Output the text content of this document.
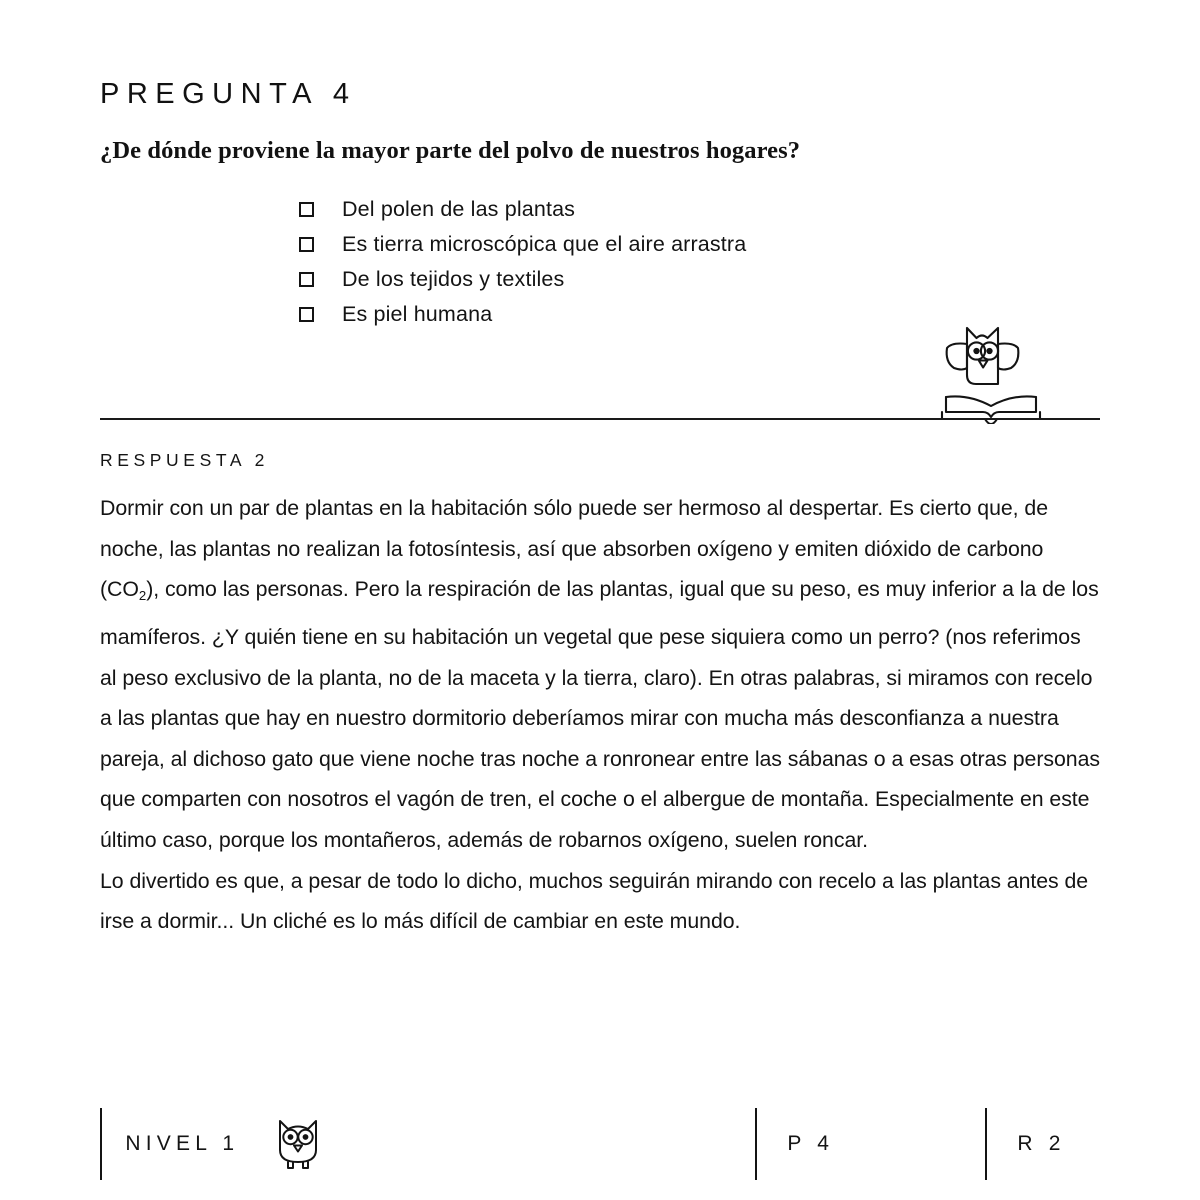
PREGUNTA 4
¿De dónde proviene la mayor parte del polvo de nuestros hogares?
Del polen de las plantas
Es tierra microscópica que el aire arrastra
De los tejidos y textiles
Es piel humana
RESPUESTA 2

Dormir con un par de plantas en la habitación sólo puede ser hermoso al despertar. Es cierto que, de noche, las plantas no realizan la fotosíntesis, así que absorben oxígeno y emiten dióxido de carbono $(CO_2)$, como las personas. Pero la respiración de las plantas, igual que su peso, es muy inferior a la de los mamíferos. ¿Y quién tiene en su habitación un vegetal que pese siquiera como un perro? (nos referimos al peso exclusivo de la planta, no de la maceta y la tierra, claro). En otras palabras, si miramos con recelo a las plantas que hay en nuestro dormitorio deberíamos mirar con mucha más desconfianza a nuestra pareja, al dichoso gato que viene noche tras noche a ronronear entre las sábanas o a esas otras personas que comparten con nosotros el vagón de tren, el coche o el albergue de montaña. Especialmente en este último caso, porque los montañeros, además de robarnos oxígeno, suelen roncar.

Lo divertido es que, a pesar de todo lo dicho, muchos seguirán mirando con recelo a las plantas antes de irse a dormir... Un cliché es lo más difícil de cambiar en este mundo.

NIVEL 1	P 4	R 2
